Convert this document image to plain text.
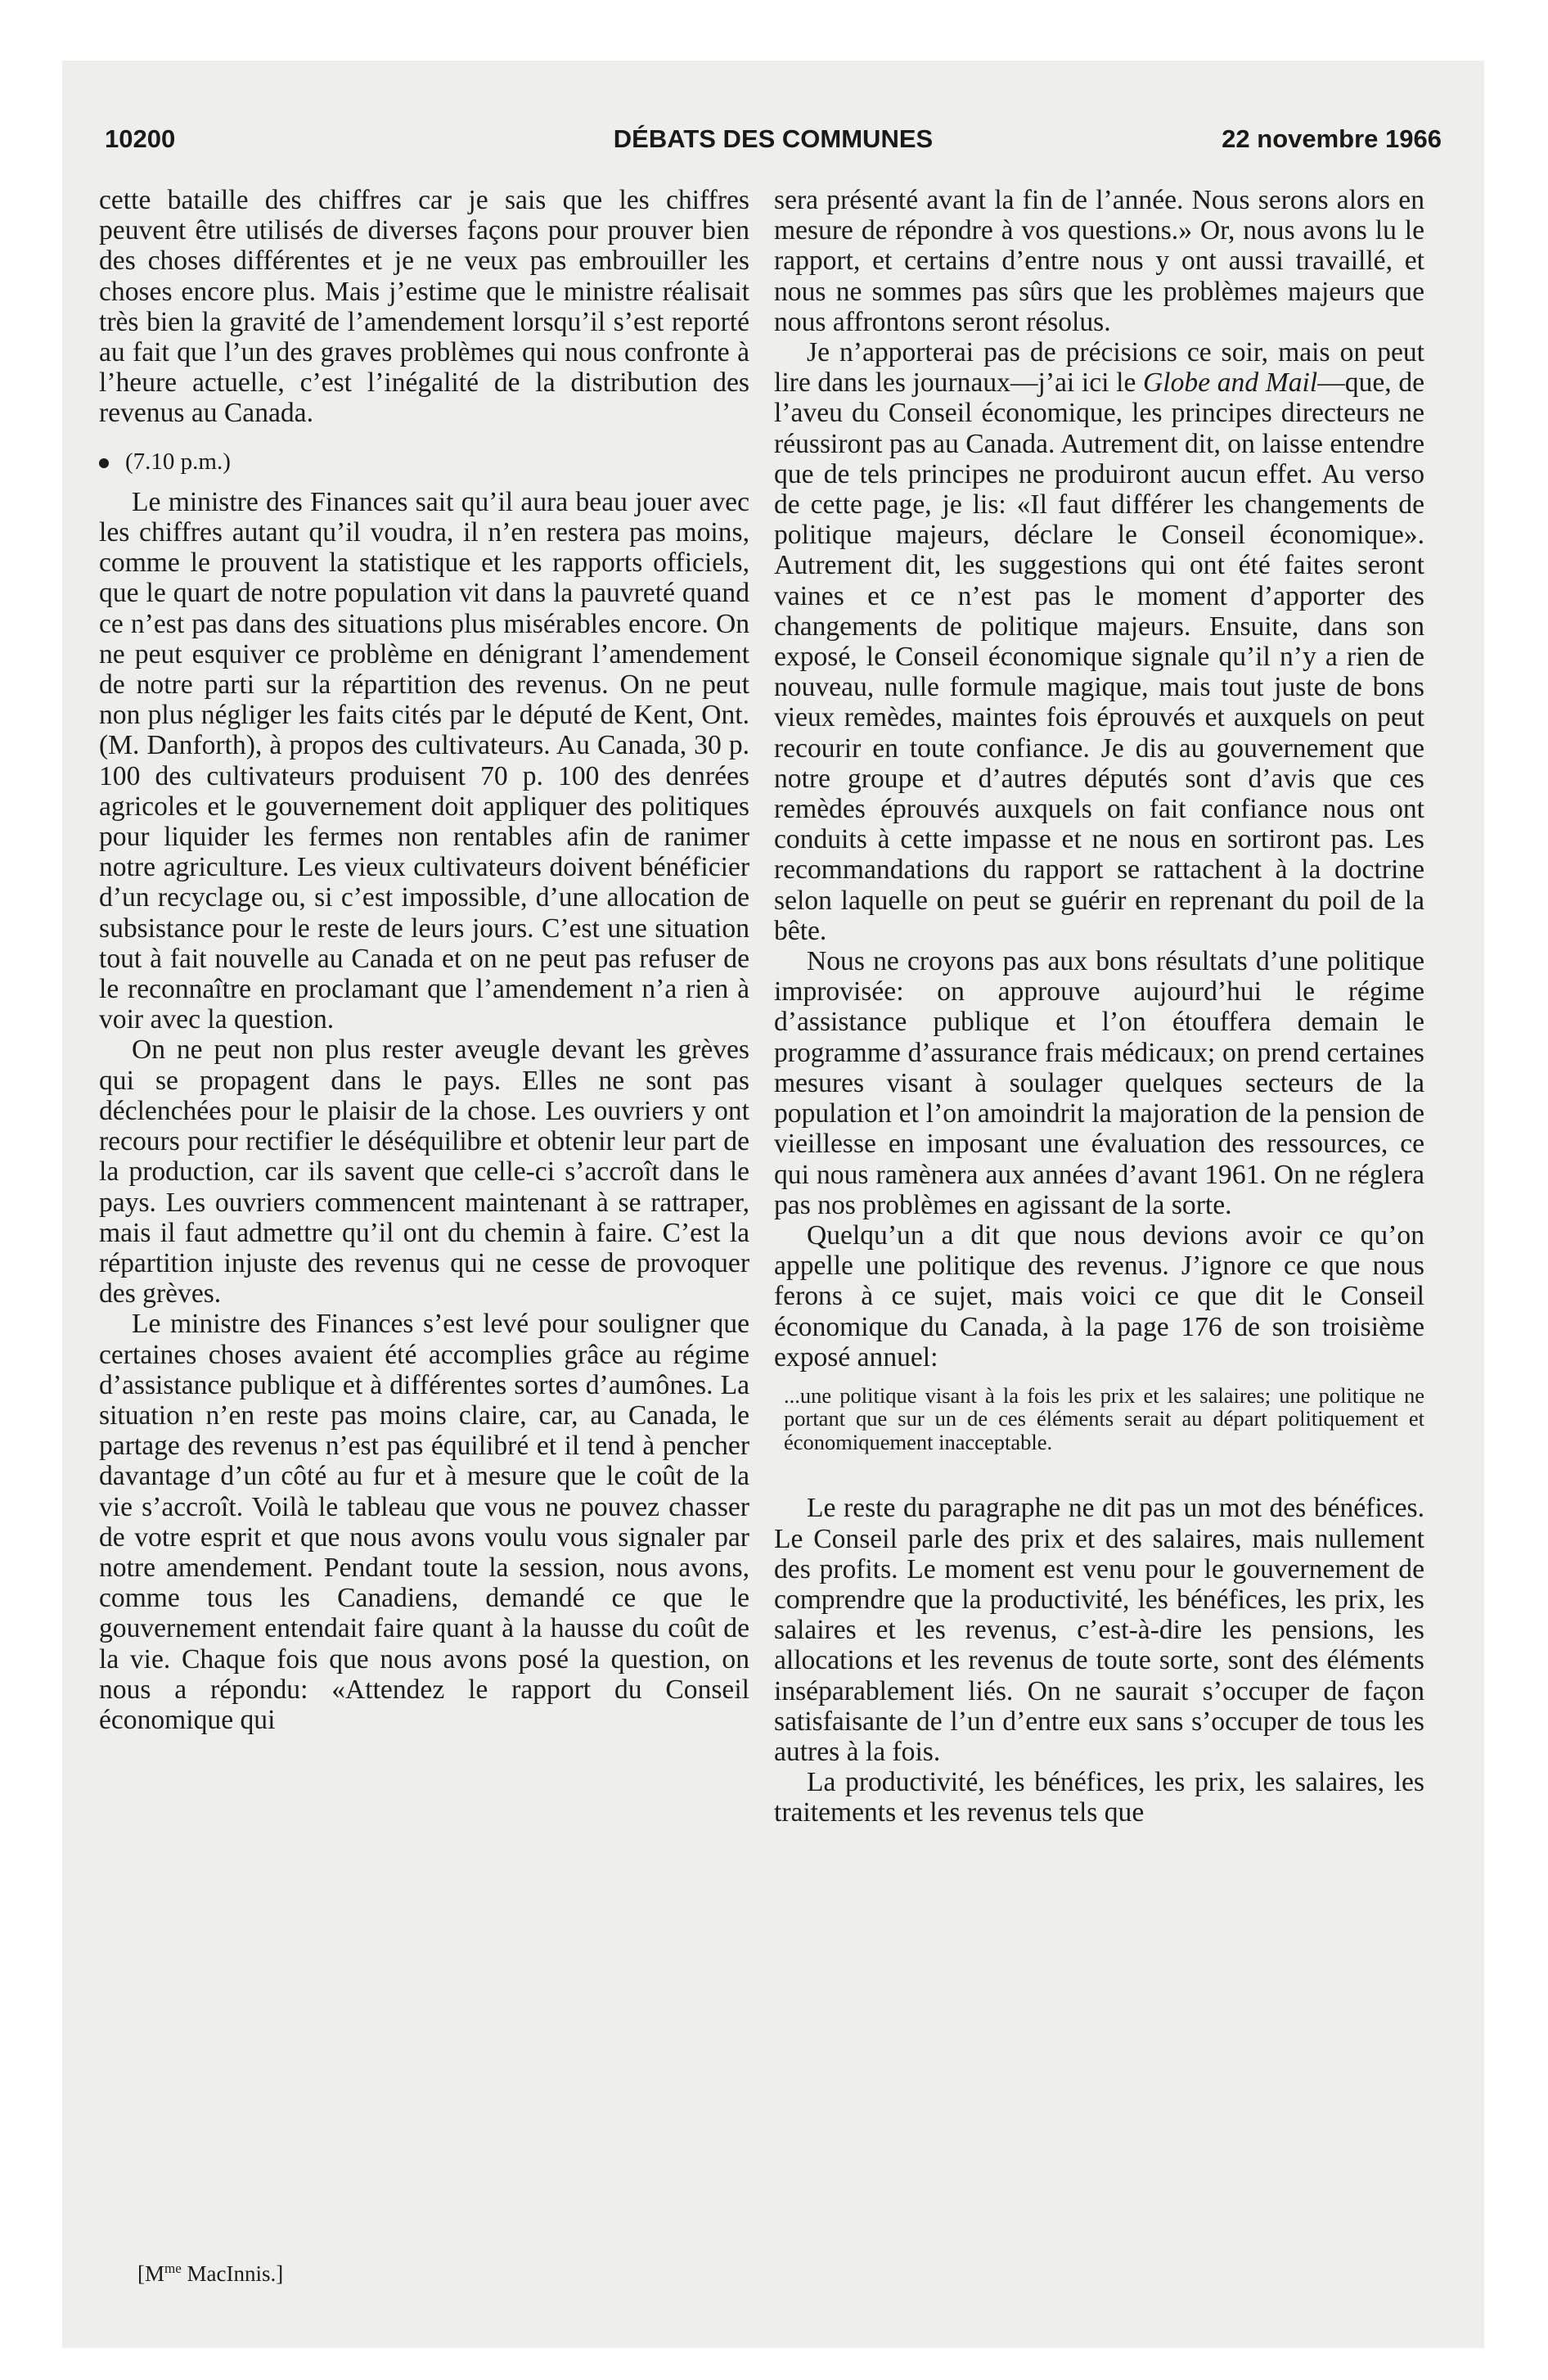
10200	DÉBATS DES COMMUNES	22 novembre 1966

cette bataille des chiffres car je sais que les chiffres peuvent être utilisés de diverses façons pour prouver bien des choses différentes et je ne veux pas embrouiller les choses encore plus. Mais j’estime que le ministre réalisait très bien la gravité de l’amendement lorsqu’il s’est reporté au fait que l’un des graves problèmes qui nous confronte à l’heure actuelle, c’est l’inégalité de la distribution des revenus au Canada.

(7.10 p.m.)

Le ministre des Finances sait qu’il aura beau jouer avec les chiffres autant qu’il voudra, il n’en restera pas moins, comme le prouvent la statistique et les rapports officiels, que le quart de notre population vit dans la pauvreté quand ce n’est pas dans des situations plus misérables encore. On ne peut esquiver ce problème en dénigrant l’amendement de notre parti sur la répartition des revenus. On ne peut non plus négliger les faits cités par le député de Kent, Ont. (M. Danforth), à propos des cultivateurs. Au Canada, 30 p. 100 des cultivateurs produisent 70 p. 100 des denrées agricoles et le gouvernement doit appliquer des politiques pour liquider les fermes non rentables afin de ranimer notre agriculture. Les vieux cultivateurs doivent bénéficier d’un recyclage ou, si c’est impossible, d’une allocation de subsistance pour le reste de leurs jours. C’est une situation tout à fait nouvelle au Canada et on ne peut pas refuser de le reconnaître en proclamant que l’amendement n’a rien à voir avec la question.

On ne peut non plus rester aveugle devant les grèves qui se propagent dans le pays. Elles ne sont pas déclenchées pour le plaisir de la chose. Les ouvriers y ont recours pour rectifier le déséquilibre et obtenir leur part de la production, car ils savent que celle-ci s’accroît dans le pays. Les ouvriers commencent maintenant à se rattraper, mais il faut admettre qu’il ont du chemin à faire. C’est la répartition injuste des revenus qui ne cesse de provoquer des grèves.

Le ministre des Finances s’est levé pour souligner que certaines choses avaient été accomplies grâce au régime d’assistance publique et à différentes sortes d’aumônes. La situation n’en reste pas moins claire, car, au Canada, le partage des revenus n’est pas équilibré et il tend à pencher davantage d’un côté au fur et à mesure que le coût de la vie s’accroît. Voilà le tableau que vous ne pouvez chasser de votre esprit et que nous avons voulu vous signaler par notre amendement. Pendant toute la session, nous avons, comme tous les Canadiens, demandé ce que le gouvernement entendait faire quant à la hausse du coût de la vie. Chaque fois que nous avons posé la question, on nous a répondu: «Attendez le rapport du Conseil économique qui

sera présenté avant la fin de l’année. Nous serons alors en mesure de répondre à vos questions.» Or, nous avons lu le rapport, et certains d’entre nous y ont aussi travaillé, et nous ne sommes pas sûrs que les problèmes majeurs que nous affrontons seront résolus.

Je n’apporterai pas de précisions ce soir, mais on peut lire dans les journaux—j’ai ici le Globe and Mail—que, de l’aveu du Conseil économique, les principes directeurs ne réussiront pas au Canada. Autrement dit, on laisse entendre que de tels principes ne produiront aucun effet. Au verso de cette page, je lis: «Il faut différer les changements de politique majeurs, déclare le Conseil économique». Autrement dit, les suggestions qui ont été faites seront vaines et ce n’est pas le moment d’apporter des changements de politique majeurs. Ensuite, dans son exposé, le Conseil économique signale qu’il n’y a rien de nouveau, nulle formule magique, mais tout juste de bons vieux remèdes, maintes fois éprouvés et auxquels on peut recourir en toute confiance. Je dis au gouvernement que notre groupe et d’autres députés sont d’avis que ces remèdes éprouvés auxquels on fait confiance nous ont conduits à cette impasse et ne nous en sortiront pas. Les recommandations du rapport se rattachent à la doctrine selon laquelle on peut se guérir en reprenant du poil de la bête.

Nous ne croyons pas aux bons résultats d’une politique improvisée: on approuve aujourd’hui le régime d’assistance publique et l’on étouffera demain le programme d’assurance frais médicaux; on prend certaines mesures visant à soulager quelques secteurs de la population et l’on amoindrit la majoration de la pension de vieillesse en imposant une évaluation des ressources, ce qui nous ramènera aux années d’avant 1961. On ne réglera pas nos problèmes en agissant de la sorte.

Quelqu’un a dit que nous devions avoir ce qu’on appelle une politique des revenus. J’ignore ce que nous ferons à ce sujet, mais voici ce que dit le Conseil économique du Canada, à la page 176 de son troisième exposé annuel:

...une politique visant à la fois les prix et les salaires; une politique ne portant que sur un de ces éléments serait au départ politiquement et économiquement inacceptable.

Le reste du paragraphe ne dit pas un mot des bénéfices. Le Conseil parle des prix et des salaires, mais nullement des profits. Le moment est venu pour le gouvernement de comprendre que la productivité, les bénéfices, les prix, les salaires et les revenus, c’est-à-dire les pensions, les allocations et les revenus de toute sorte, sont des éléments inséparablement liés. On ne saurait s’occuper de façon satisfaisante de l’un d’entre eux sans s’occuper de tous les autres à la fois.

La productivité, les bénéfices, les prix, les salaires, les traitements et les revenus tels que

[$M^{me}$ MacInnis.]
